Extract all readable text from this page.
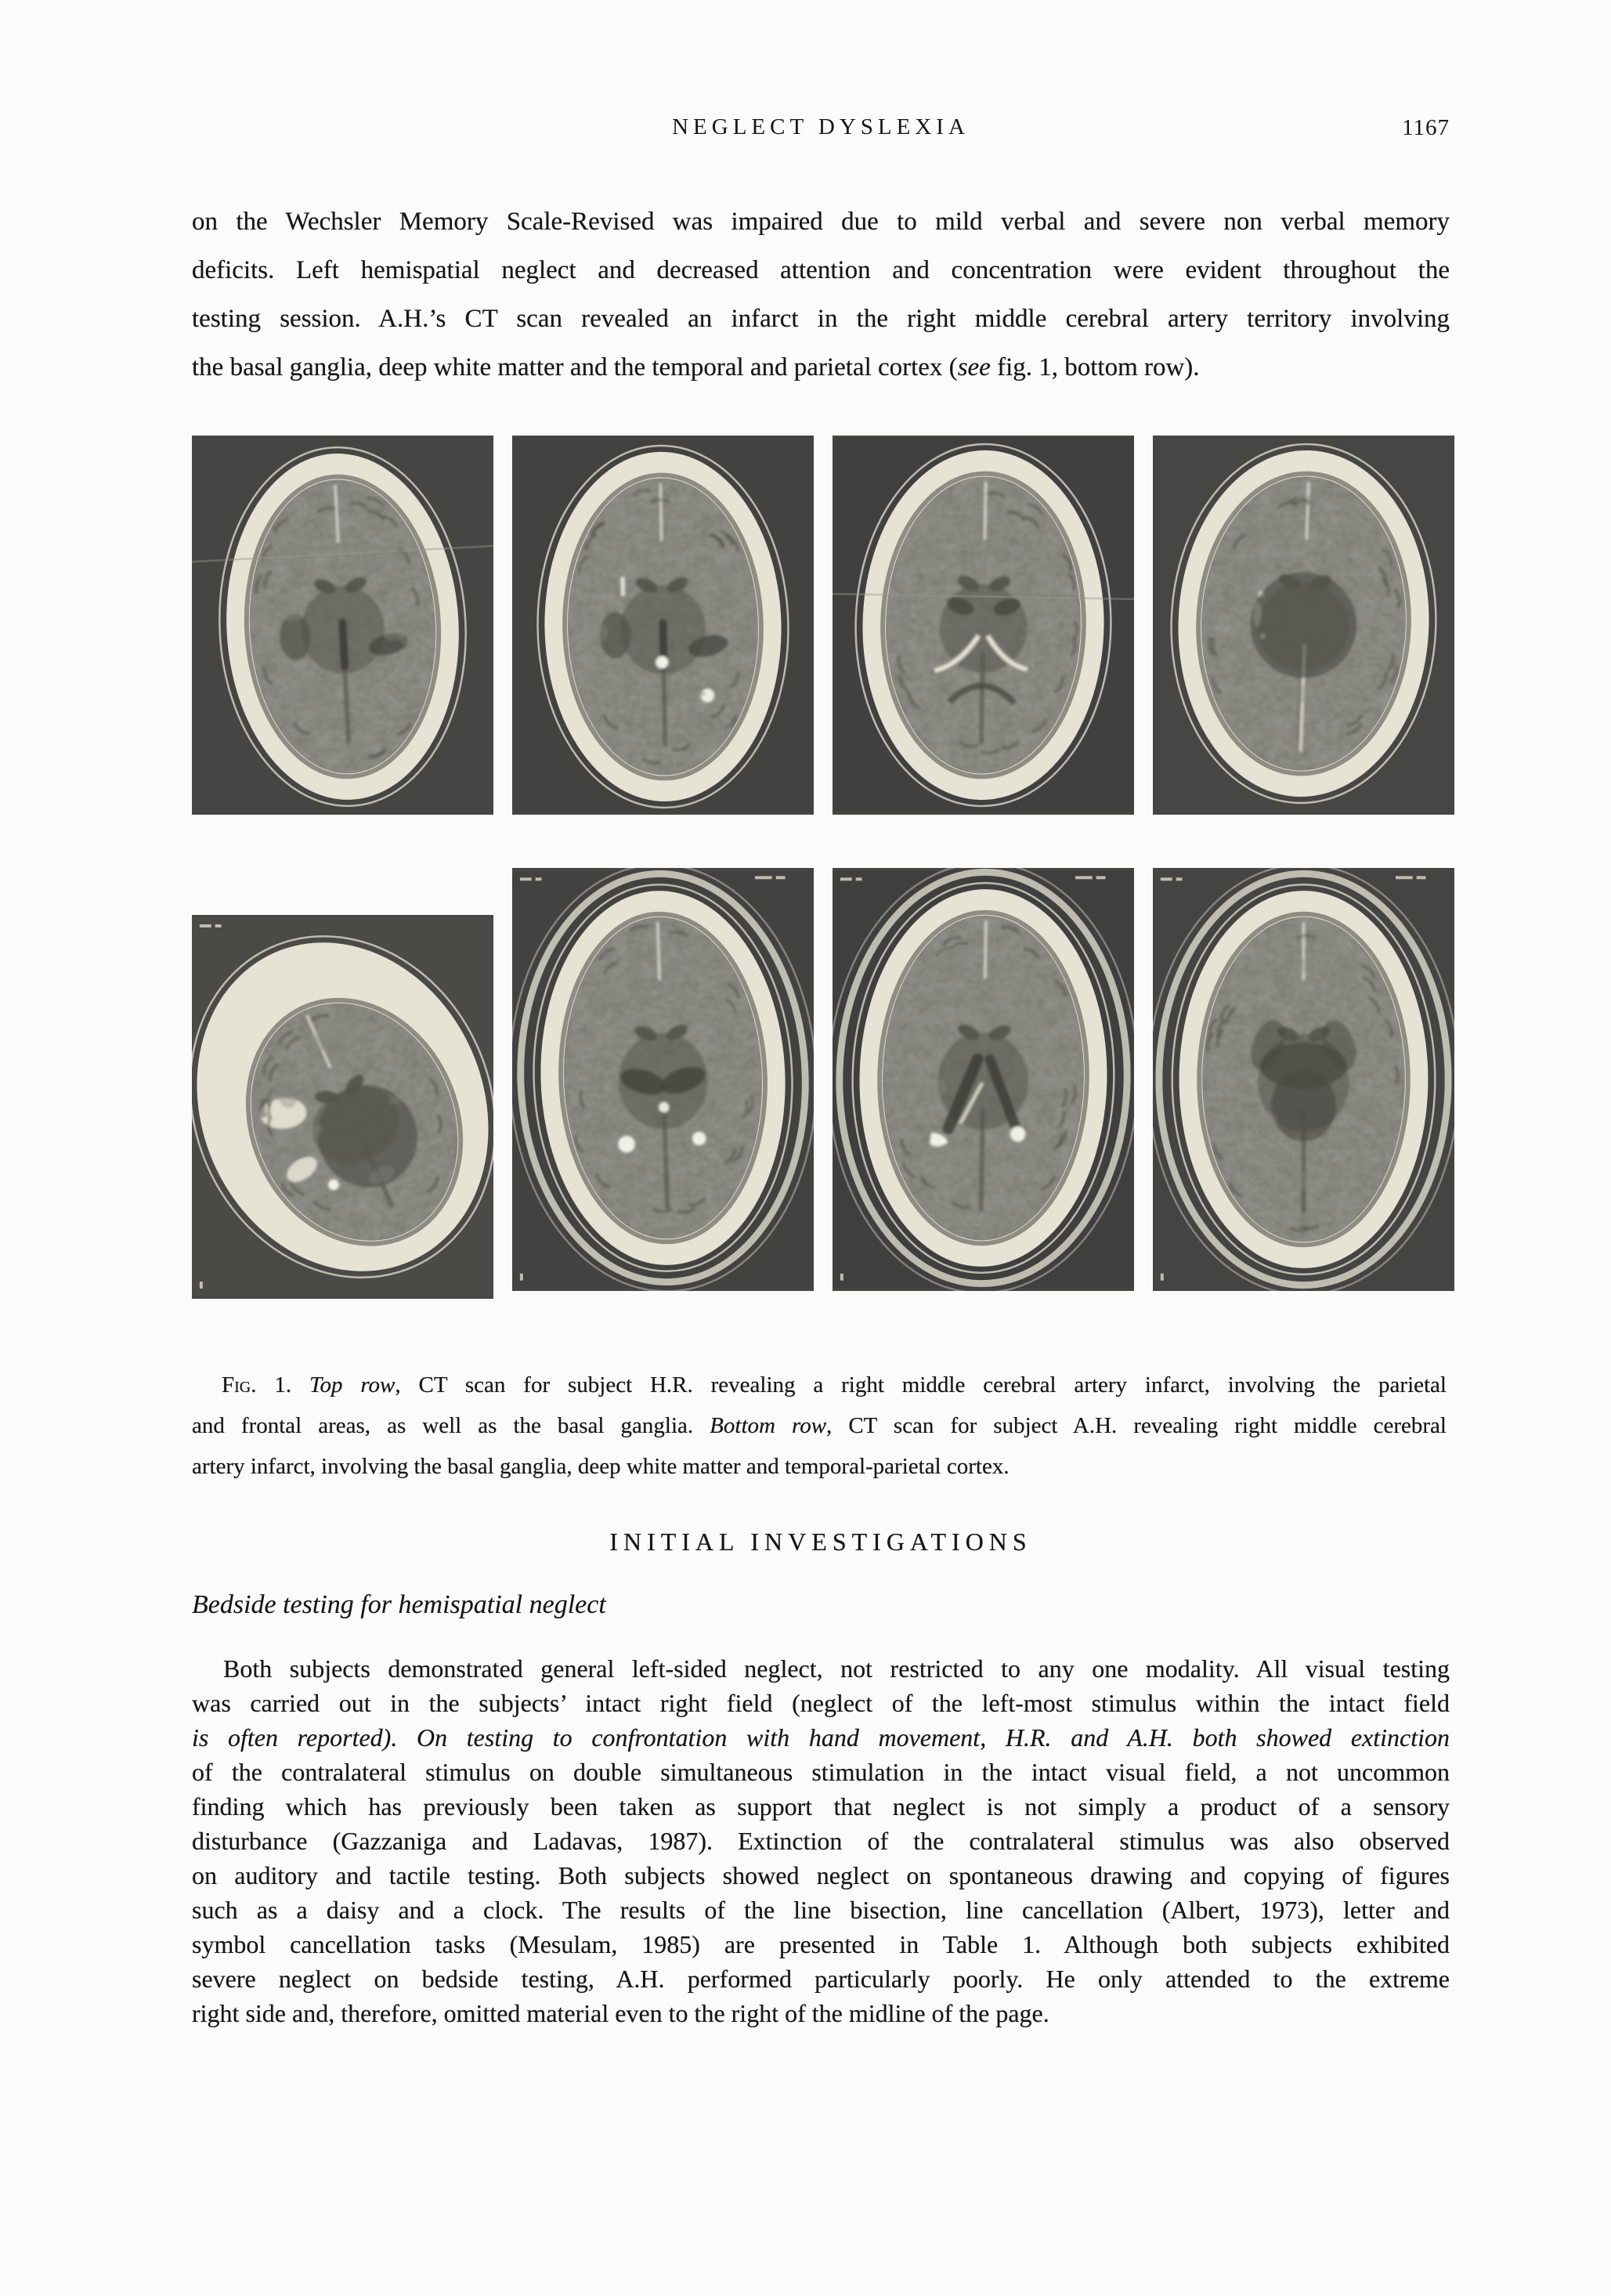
NEGLECT DYSLEXIA	1167
on the Wechsler Memory Scale-Revised was impaired due to mild verbal and severe non verbal memory
deficits. Left hemispatial neglect and decreased attention and concentration were evident throughout the
testing session. A.H.’s CT scan revealed an infarct in the right middle cerebral artery territory involving
the basal ganglia, deep white matter and the temporal and parietal cortex (see fig. 1, bottom row).
Fig. 1. Top row, CT scan for subject H.R. revealing a right middle cerebral artery infarct, involving the parietal
and frontal areas, as well as the basal ganglia. Bottom row, CT scan for subject A.H. revealing right middle cerebral
artery infarct, involving the basal ganglia, deep white matter and temporal-parietal cortex.
INITIAL INVESTIGATIONS
Bedside testing for hemispatial neglect
Both subjects demonstrated general left-sided neglect, not restricted to any one modality. All visual testing
was carried out in the subjects’ intact right field (neglect of the left-most stimulus within the intact field
is often reported). On testing to confrontation with hand movement, H.R. and A.H. both showed extinction
of the contralateral stimulus on double simultaneous stimulation in the intact visual field, a not uncommon
finding which has previously been taken as support that neglect is not simply a product of a sensory
disturbance (Gazzaniga and Ladavas, 1987). Extinction of the contralateral stimulus was also observed
on auditory and tactile testing. Both subjects showed neglect on spontaneous drawing and copying of figures
such as a daisy and a clock. The results of the line bisection, line cancellation (Albert, 1973), letter and
symbol cancellation tasks (Mesulam, 1985) are presented in Table 1. Although both subjects exhibited
severe neglect on bedside testing, A.H. performed particularly poorly. He only attended to the extreme
right side and, therefore, omitted material even to the right of the midline of the page.
